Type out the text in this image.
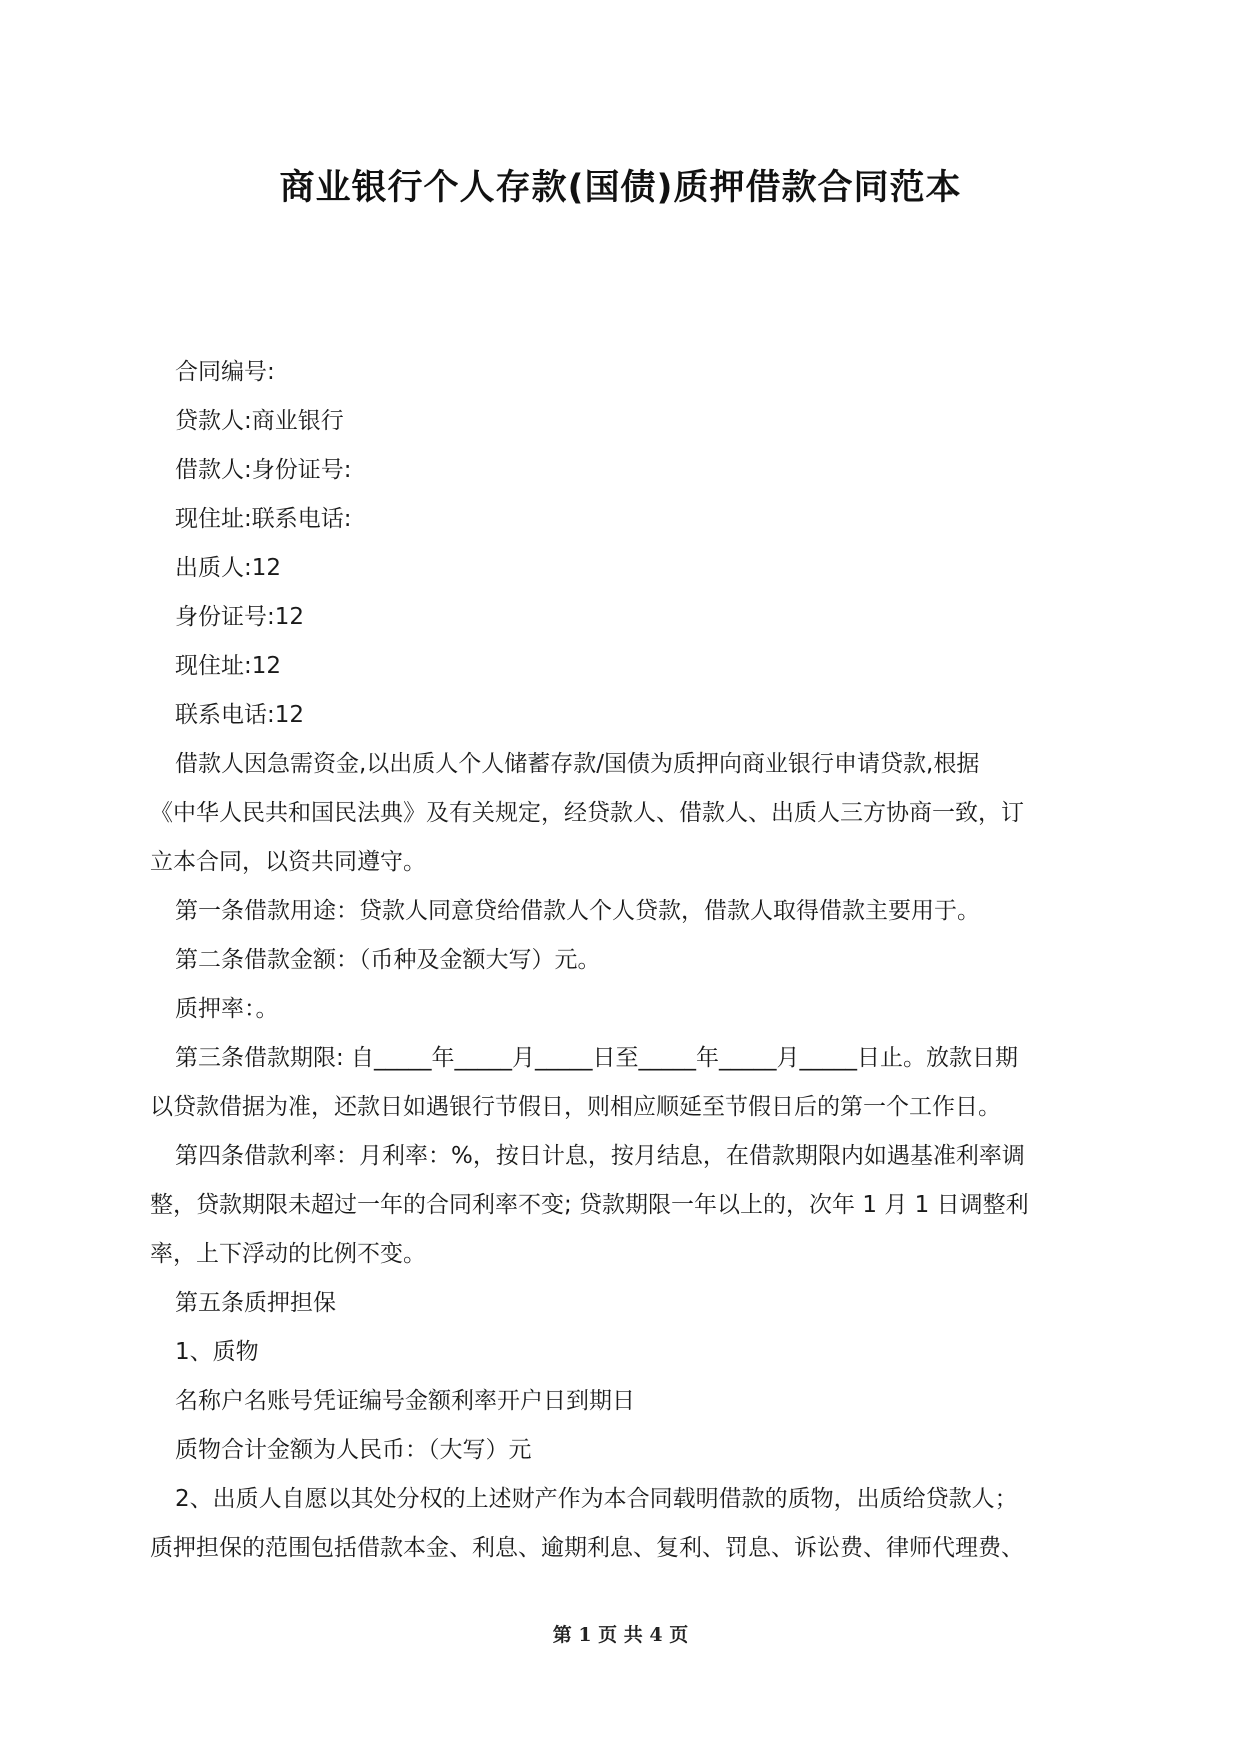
商业银行个人存款(国债)质押借款合同范本
合同编号:
贷款人:商业银行
借款人:身份证号:
现住址:联系电话:
出质人:12
身份证号:12
现住址:12
联系电话:12
借款人因急需资金,以出质人个人储蓄存款/国债为质押向商业银行申请贷款,根据
《中华人民共和国民法典》及有关规定，经贷款人、借款人、出质人三方协商一致，订
立本合同，以资共同遵守。
第一条借款用途：贷款人同意贷给借款人个人贷款，借款人取得借款主要用于。
第二条借款金额：（币种及金额大写）元。
质押率：。
第三条借款期限: 自_____年_____月_____日至_____年_____月_____日止。放款日期
以贷款借据为准，还款日如遇银行节假日，则相应顺延至节假日后的第一个工作日。
第四条借款利率：月利率：%，按日计息，按月结息，在借款期限内如遇基准利率调
整，贷款期限未超过一年的合同利率不变; 贷款期限一年以上的，次年 1 月 1 日调整利
率，上下浮动的比例不变。
第五条质押担保
1、质物
名称户名账号凭证编号金额利率开户日到期日
质物合计金额为人民币：（大写）元
2、出质人自愿以其处分权的上述财产作为本合同载明借款的质物，出质给贷款人；
质押担保的范围包括借款本金、利息、逾期利息、复利、罚息、诉讼费、律师代理费、
第 1 页 共 4 页
